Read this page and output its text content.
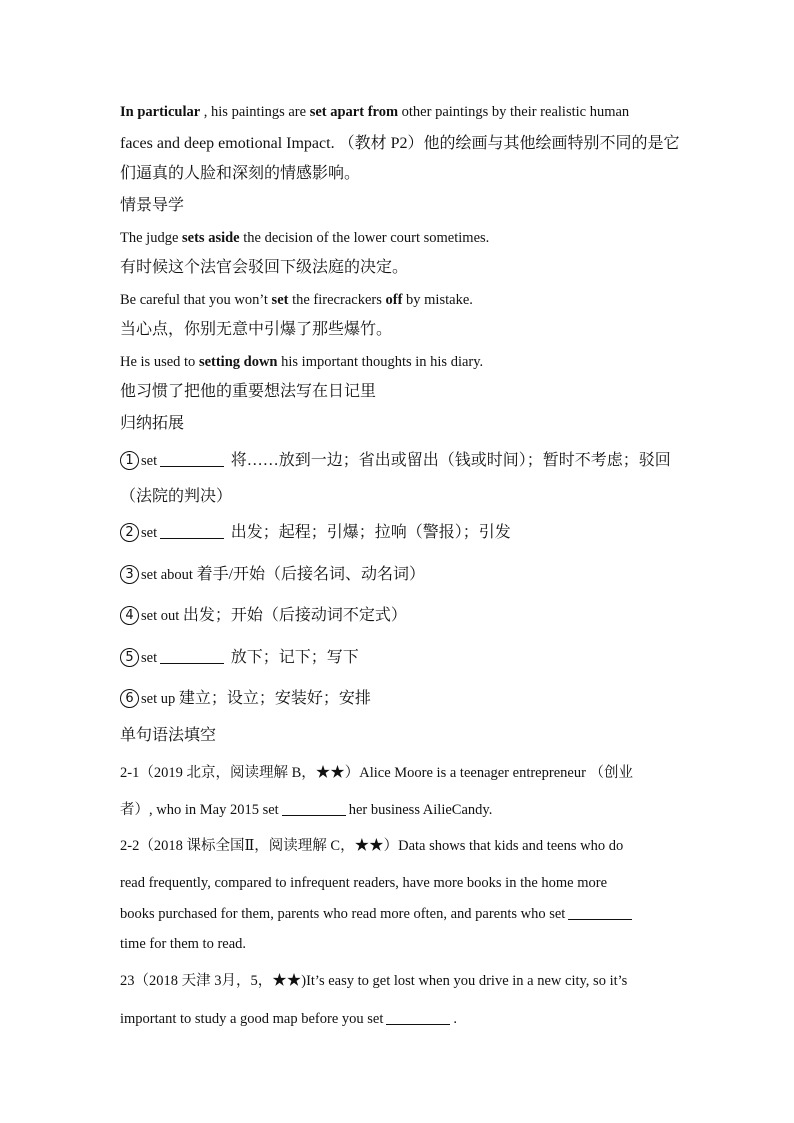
In particular , his paintings are set apart from other paintings by their realistic human
faces and deep emotional Impact. （教材 P2）他的绘画与其他绘画特别不同的是它
们逼真的人脸和深刻的情感影响。
情景导学
The judge sets aside the decision of the lower court sometimes.
有时候这个法官会驳回下级法庭的决定。
Be careful that you won’t set the firecrackers off by mistake.
当心点，你别无意中引爆了那些爆竹。
He is used to setting down his important thoughts in his diary.
他习惯了把他的重要想法写在日记里
归纳拓展
1 set	将……放到一边；省出或留出（钱或时间）；暂时不考虑；驳回
（法院的判决）
2 set	出发；起程；引爆；拉响（警报）；引发
3 set about 着手/开始（后接名词、动名词）
4 set out 出发；开始（后接动词不定式）
5 set	放下；记下；写下
6 set up 建立；设立；安装好；安排
单句语法填空
2-1（2019 北京，阅读理解 B，★★）Alice Moore is a teenager entrepreneur （创业
者）, who in May 2015 set	her business AilieCandy.
2-2（2018 课标全国Ⅱ，阅读理解 C，★★）Data shows that kids and teens who do
read frequently, compared to infrequent readers, have more books in the home more
books purchased for them, parents who read more often, and parents who set
time for them to read.
23（2018 天津 3月，5，★★)It’s easy to get lost when you drive in a new city, so it’s
important to study a good map before you set	.
